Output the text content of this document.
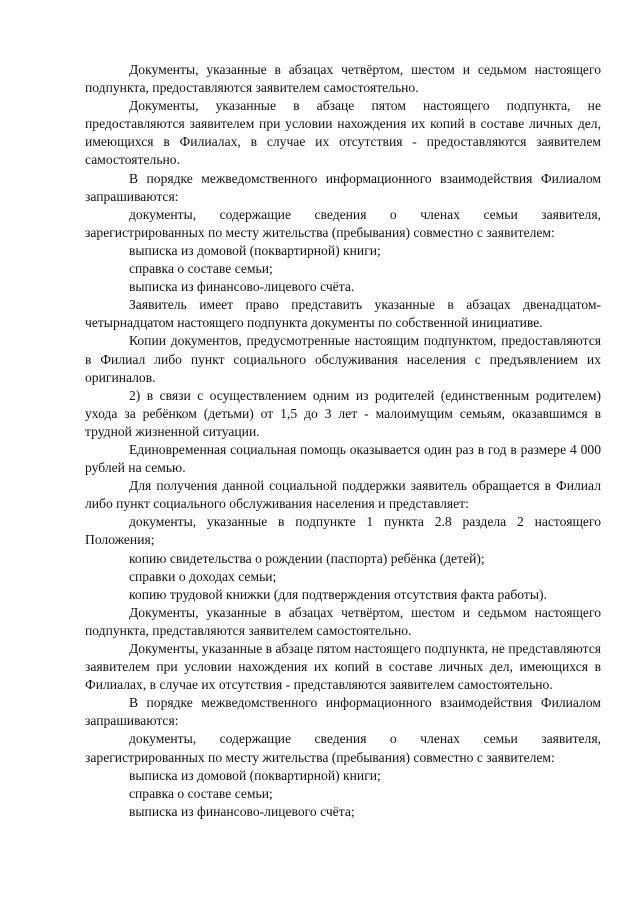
Документы, указанные в абзацах четвёртом, шестом и седьмом настоящего подпункта, предоставляются заявителем самостоятельно.

Документы, указанные в абзаце пятом настоящего подпункта, не предоставляются заявителем при условии нахождения их копий в составе личных дел, имеющихся в Филиалах, в случае их отсутствия - предоставляются заявителем самостоятельно.

В порядке межведомственного информационного взаимодействия Филиалом запрашиваются:

документы, содержащие сведения о членах семьи заявителя, зарегистрированных по месту жительства (пребывания) совместно с заявителем:

выписка из домовой (поквартирной) книги;

справка о составе семьи;

выписка из финансово-лицевого счёта.

Заявитель имеет право представить указанные в абзацах двенадцатом-четырнадцатом настоящего подпункта документы по собственной инициативе.

Копии документов, предусмотренные настоящим подпунктом, предоставляются в Филиал либо пункт социального обслуживания населения с предъявлением их оригиналов.

2) в связи с осуществлением одним из родителей (единственным родителем) ухода за ребёнком (детьми) от 1,5 до 3 лет - малоимущим семьям, оказавшимся в трудной жизненной ситуации.

Единовременная социальная помощь оказывается один раз в год в размере 4 000 рублей на семью.

Для получения данной социальной поддержки заявитель обращается в Филиал либо пункт социального обслуживания населения и представляет:

документы, указанные в подпункте 1 пункта 2.8 раздела 2 настоящего Положения;

копию свидетельства о рождении (паспорта) ребёнка (детей);

справки о доходах семьи;

копию трудовой книжки (для подтверждения отсутствия факта работы).

Документы, указанные в абзацах четвёртом, шестом и седьмом настоящего подпункта, представляются заявителем самостоятельно.

Документы, указанные в абзаце пятом настоящего подпункта, не представляются заявителем при условии нахождения их копий в составе личных дел, имеющихся в Филиалах, в случае их отсутствия - представляются заявителем самостоятельно.

В порядке межведомственного информационного взаимодействия Филиалом запрашиваются:

документы, содержащие сведения о членах семьи заявителя, зарегистрированных по месту жительства (пребывания) совместно с заявителем:

выписка из домовой (поквартирной) книги;

справка о составе семьи;

выписка из финансово-лицевого счёта;
